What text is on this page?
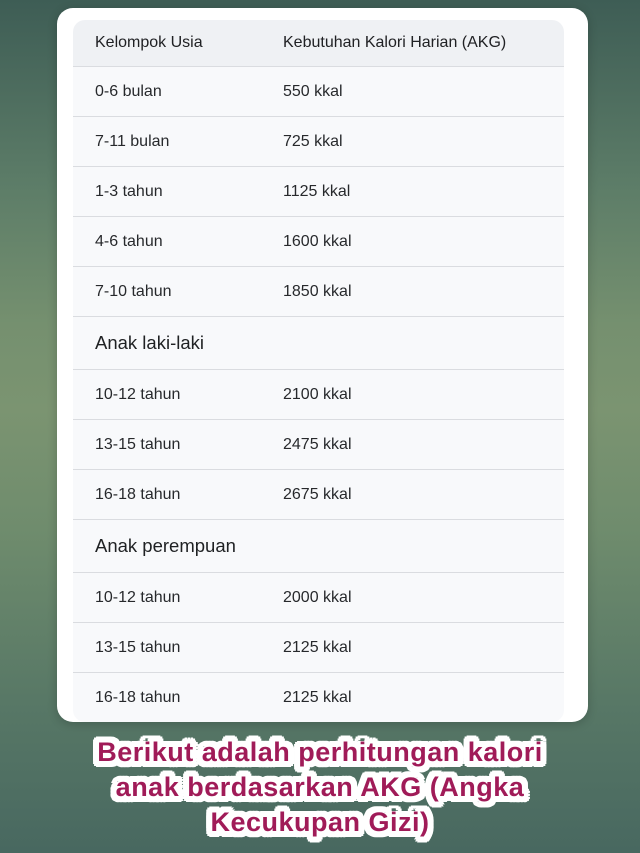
Kelompok Usia	Kebutuhan Kalori Harian (AKG)
0-6 bulan	550 kkal
7-11 bulan	725 kkal
1-3 tahun	1125 kkal
4-6 tahun	1600 kkal
7-10 tahun	1850 kkal
Anak laki-laki
10-12 tahun	2100 kkal
13-15 tahun	2475 kkal
16-18 tahun	2675 kkal
Anak perempuan
10-12 tahun	2000 kkal
13-15 tahun	2125 kkal
16-18 tahun	2125 kkal
Berikut adalah perhitungan kalori
anak berdasarkan AKG (Angka
Kecukupan Gizi)
